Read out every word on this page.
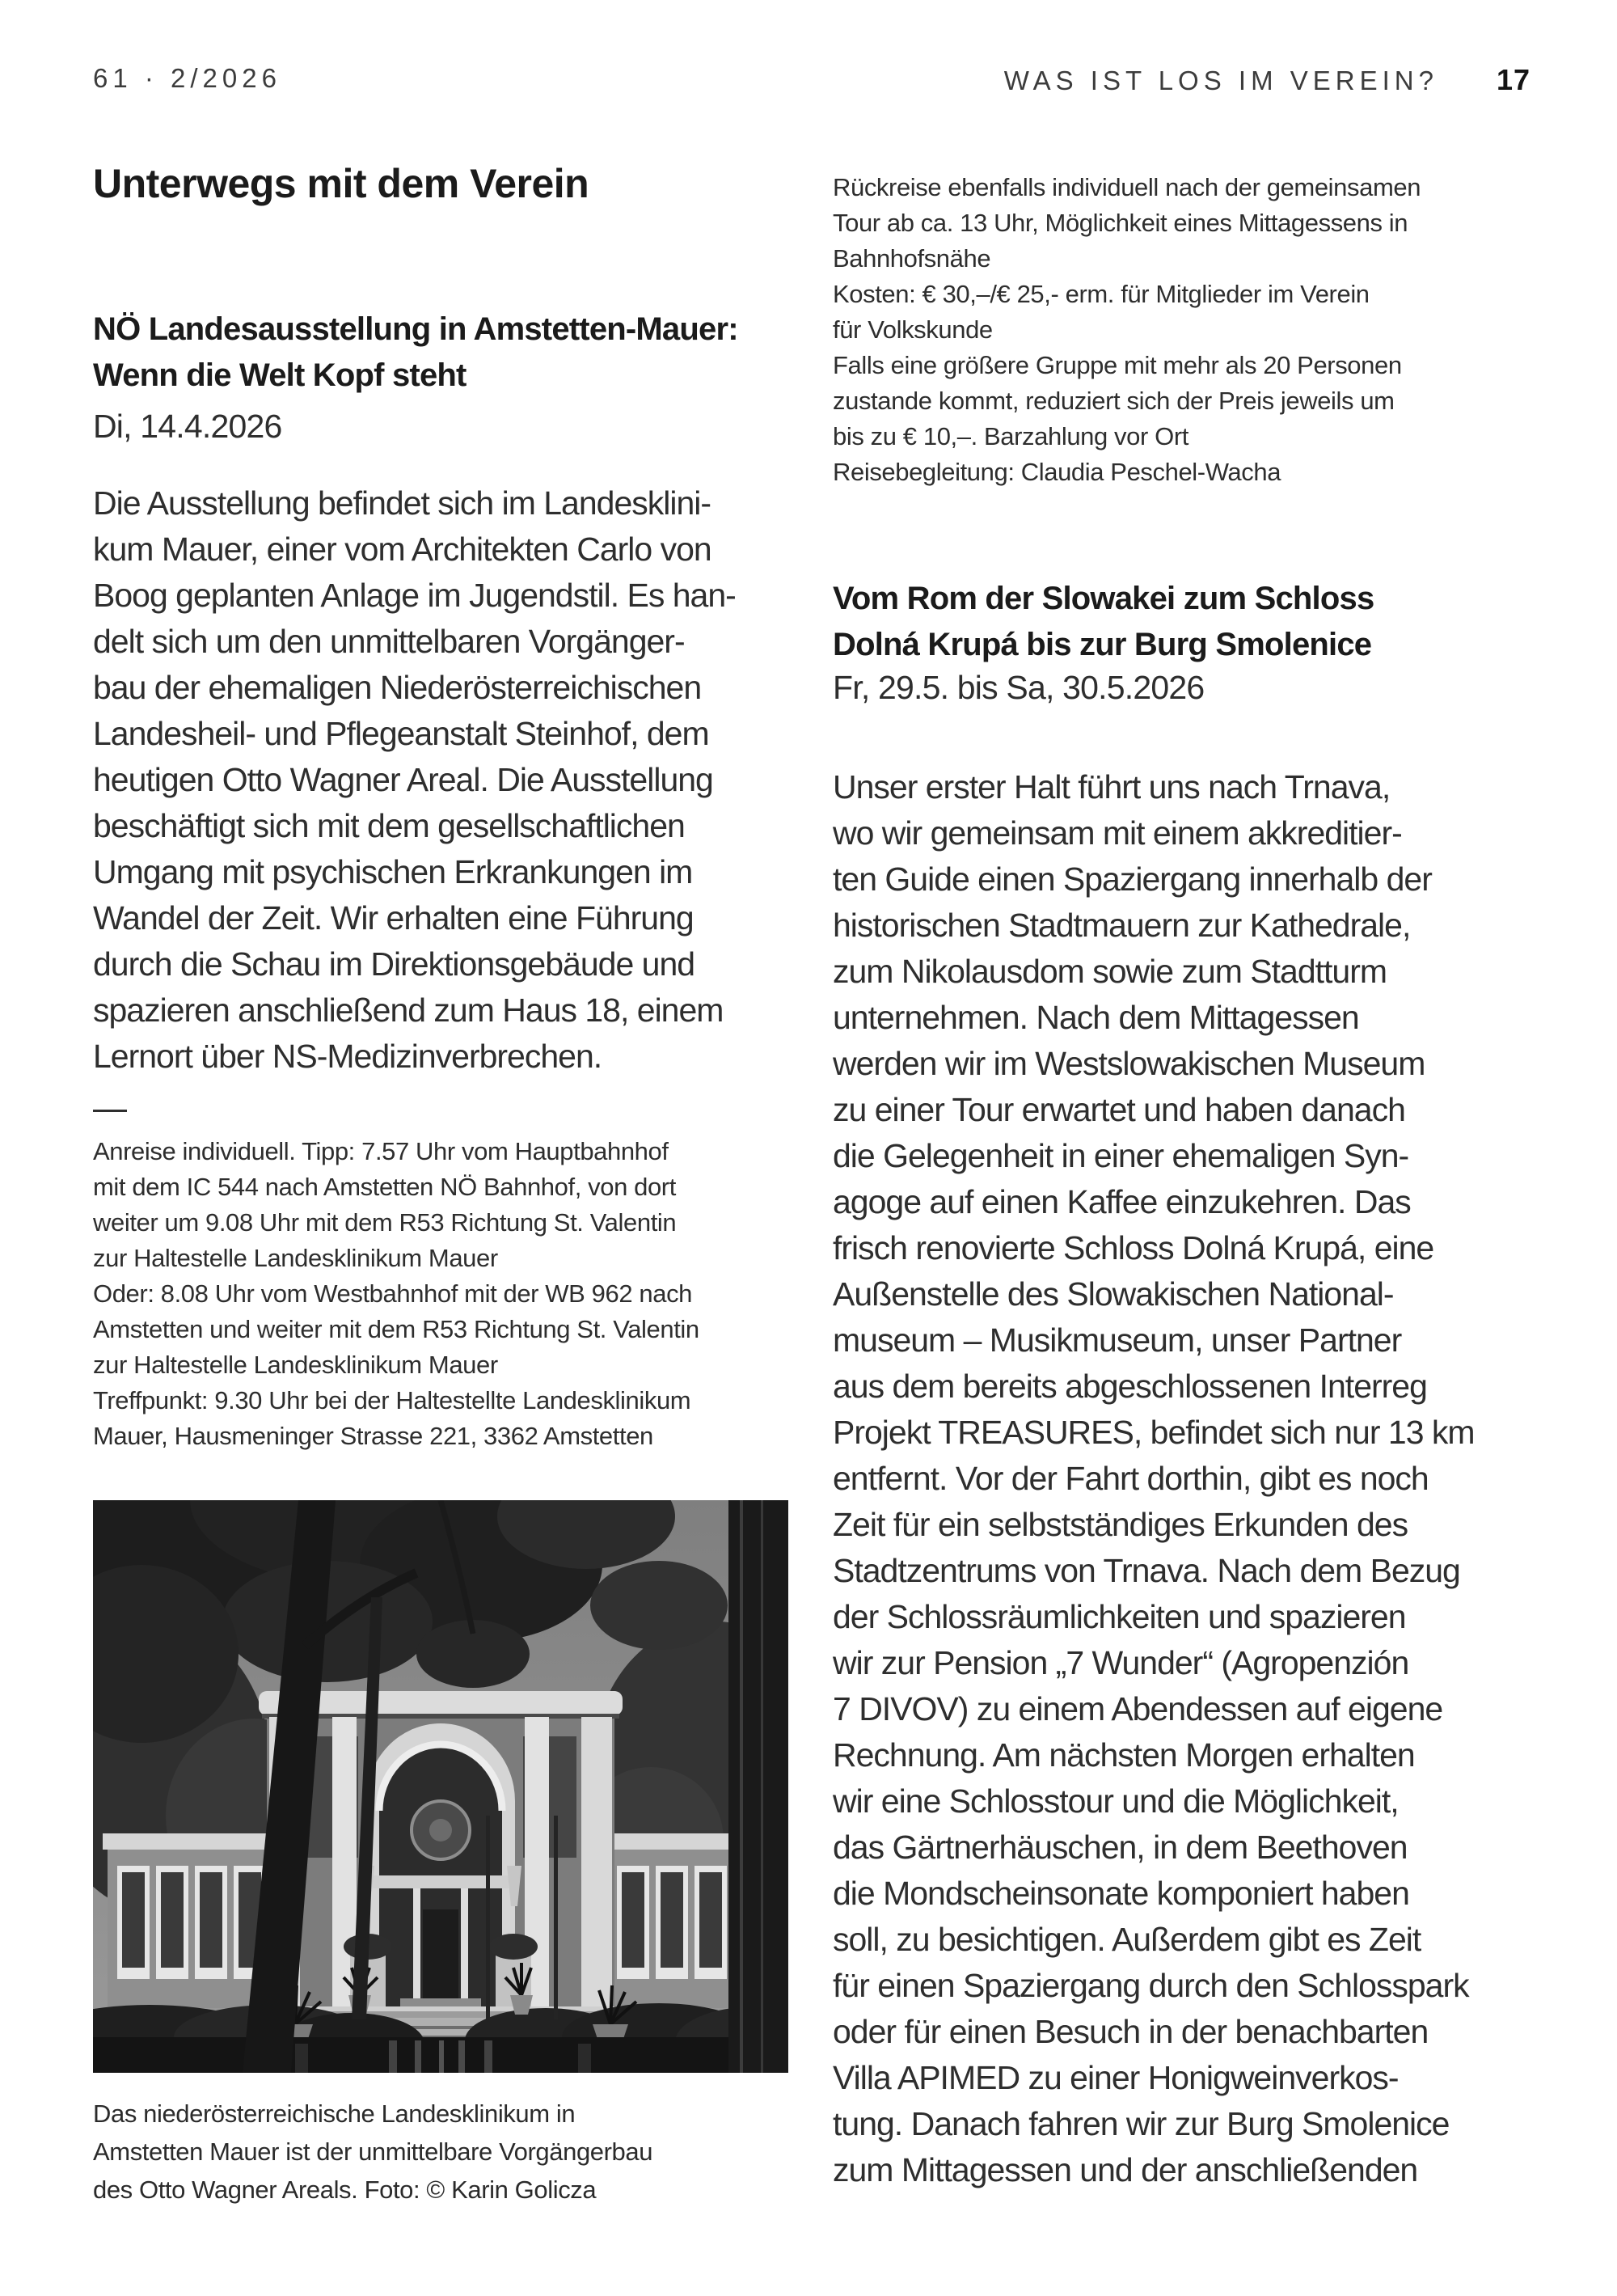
61 · 2/2026	WAS IST LOS IM VEREIN? 17
Unterwegs mit dem Verein
NÖ Landesausstellung in Amstetten-Mauer:
Wenn die Welt Kopf steht
Di, 14.4.2026
Die Ausstellung befindet sich im Landesklini-
kum Mauer, einer vom Architekten Carlo von
Boog geplanten Anlage im Jugendstil. Es han-
delt sich um den unmittelbaren Vorgänger-
bau der ehemaligen Niederösterreichischen
Landesheil- und Pflegeanstalt Steinhof, dem
heutigen Otto Wagner Areal. Die Ausstellung
beschäftigt sich mit dem gesellschaftlichen
Umgang mit psychischen Erkrankungen im
Wandel der Zeit. Wir erhalten eine Führung
durch die Schau im Direktionsgebäude und
spazieren anschließend zum Haus 18, einem
Lernort über NS-Medizinverbrechen.
Anreise individuell. Tipp: 7.57 Uhr vom Hauptbahnhof
mit dem IC 544 nach Amstetten NÖ Bahnhof, von dort
weiter um 9.08 Uhr mit dem R53 Richtung St. Valentin
zur Haltestelle Landesklinikum Mauer
Oder: 8.08 Uhr vom Westbahnhof mit der WB 962 nach
Amstetten und weiter mit dem R53 Richtung St. Valentin
zur Haltestelle Landesklinikum Mauer
Treffpunkt: 9.30 Uhr bei der Haltestellte Landesklinikum
Mauer, Hausmeninger Strasse 221, 3362 Amstetten
Das niederösterreichische Landesklinikum in
Amstetten Mauer ist der unmittelbare Vorgängerbau
des Otto Wagner Areals. Foto: © Karin Golicza
Rückreise ebenfalls individuell nach der gemeinsamen
Tour ab ca. 13 Uhr, Möglichkeit eines Mittagessens in
Bahnhofsnähe
Kosten: € 30,–/€ 25,- erm. für Mitglieder im Verein
für Volkskunde
Falls eine größere Gruppe mit mehr als 20 Personen
zustande kommt, reduziert sich der Preis jeweils um
bis zu € 10,–. Barzahlung vor Ort
Reisebegleitung: Claudia Peschel-Wacha
Vom Rom der Slowakei zum Schloss
Dolná Krupá bis zur Burg Smolenice
Fr, 29.5. bis Sa, 30.5.2026
Unser erster Halt führt uns nach Trnava,
wo wir gemeinsam mit einem akkreditier-
ten Guide einen Spaziergang innerhalb der
historischen Stadtmauern zur Kathedrale,
zum Nikolausdom sowie zum Stadtturm
unternehmen. Nach dem Mittagessen
werden wir im Westslowakischen Museum
zu einer Tour erwartet und haben danach
die Gelegenheit in einer ehemaligen Syn-
agoge auf einen Kaffee einzukehren. Das
frisch renovierte Schloss Dolná Krupá, eine
Außenstelle des Slowakischen National-
museum – Musikmuseum, unser Partner
aus dem bereits abgeschlossenen Interreg
Projekt TREASURES, befindet sich nur 13 km
entfernt. Vor der Fahrt dorthin, gibt es noch
Zeit für ein selbstständiges Erkunden des
Stadtzentrums von Trnava. Nach dem Bezug
der Schlossräumlichkeiten und spazieren
wir zur Pension „7 Wunder“ (Agropenzión
7 DIVOV) zu einem Abendessen auf eigene
Rechnung. Am nächsten Morgen erhalten
wir eine Schlosstour und die Möglichkeit,
das Gärtnerhäuschen, in dem Beethoven
die Mondscheinsonate komponiert haben
soll, zu besichtigen. Außerdem gibt es Zeit
für einen Spaziergang durch den Schlosspark
oder für einen Besuch in der benachbarten
Villa APIMED zu einer Honigweinverkos-
tung. Danach fahren wir zur Burg Smolenice
zum Mittagessen und der anschließenden
